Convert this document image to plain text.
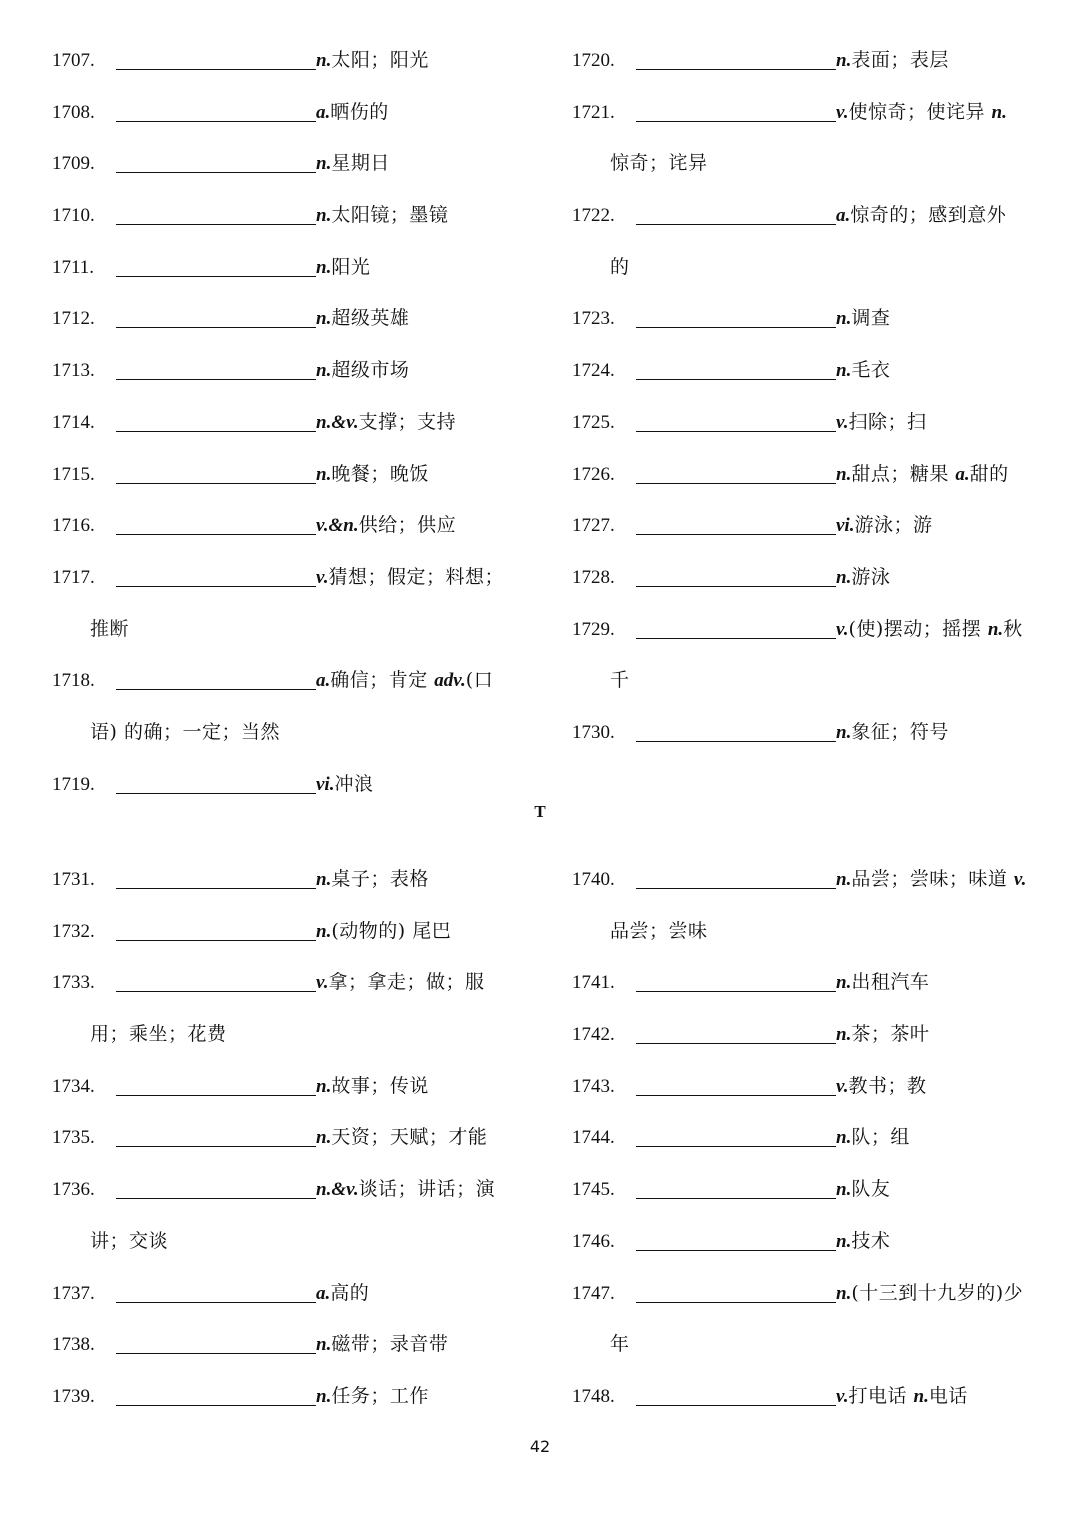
1707.	n.太阳；阳光
1708.	a.晒伤的
1709.	n.星期日
1710.	n.太阳镜；墨镜
1711.	n.阳光
1712.	n.超级英雄
1713.	n.超级市场
1714.	n.&v.支撑；支持
1715.	n.晚餐；晚饭
1716.	v.&n.供给；供应
1717.	v.猜想；假定；料想；
推断
1718.	a.确信；肯定 adv.(口
语) 的确；一定；当然
1719.	vi.冲浪
1720.	n.表面；表层
1721.	v.使惊奇；使诧异 n.
惊奇；诧异
1722.	a.惊奇的；感到意外
的
1723.	n.调查
1724.	n.毛衣
1725.	v.扫除；扫
1726.	n.甜点；糖果 a.甜的
1727.	vi.游泳；游
1728.	n.游泳
1729.	v.(使)摆动；摇摆 n.秋
千
1730.	n.象征；符号
T
1731.	n.桌子；表格
1732.	n.(动物的) 尾巴
1733.	v.拿；拿走；做；服
用；乘坐；花费
1734.	n.故事；传说
1735.	n.天资；天赋；才能
1736.	n.&v.谈话；讲话；演
讲；交谈
1737.	a.高的
1738.	n.磁带；录音带
1739.	n.任务；工作
1740.	n.品尝；尝味；味道 v.
品尝；尝味
1741.	n.出租汽车
1742.	n.茶；茶叶
1743.	v.教书；教
1744.	n.队；组
1745.	n.队友
1746.	n.技术
1747.	n.(十三到十九岁的)少
年
1748.	v.打电话 n.电话
42
